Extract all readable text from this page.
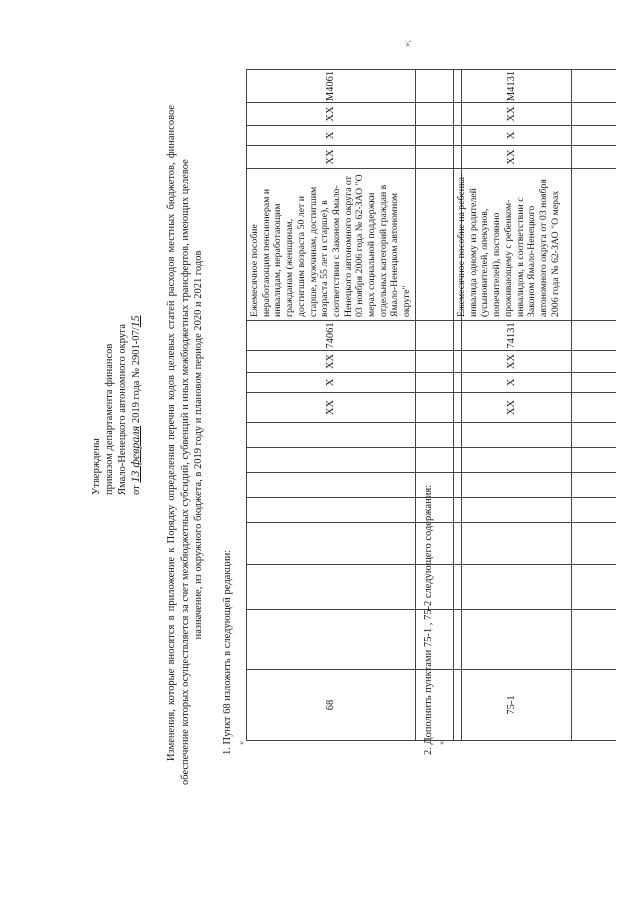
Утверждены приказом департамента финансов Ямало-Ненецкого автономного округа от 13 февраля 2019 года № 2901-07/15 Изменения, которые вносятся в приложение к Порядку определения перечня кодов целевых статей расходов местных бюджетов, финансовое обеспечение которых осуществляется за счет межбюджетных субсидий, субвенций и иных межбюджетных трансфертов, имеющих целевое назначение, из окружного бюджета, в 2019 году и плановом периоде 2020 и 2021 годов

1. Пункт 68 изложить в следующей редакции: «
68								XX	X	XX	74061	Ежемесячное пособие неработающим пенсионерам и инвалидам, неработающим гражданам (женщинам, достигшим возраста 50 лет и старше, мужчинам, достигшим возраста 55 лет и старше), в соответствии с Законом Ямало-Ненецкого автономного округа от 03 ноября 2006 года № 62-ЗАО "О мерах социальной поддержки отдельных категорий граждан в Ямало-Ненецком автономном округе"	XX	X	XX	M4061

»;
2. Дополнить пунктами 75-1 , 75-2 следующего содержания: «
75-1								XX	X	XX	74131	Ежемесячное пособие на ребенка-инвалида одному из родителей (усыновителей, опекунов, попечителей), постоянно проживающему с ребенком-инвалидом, в соответствии с Законом Ямало-Ненецкого автономного округа от 03 ноября 2006 года № 62-ЗАО "О мерах	XX	X	XX	M4131
